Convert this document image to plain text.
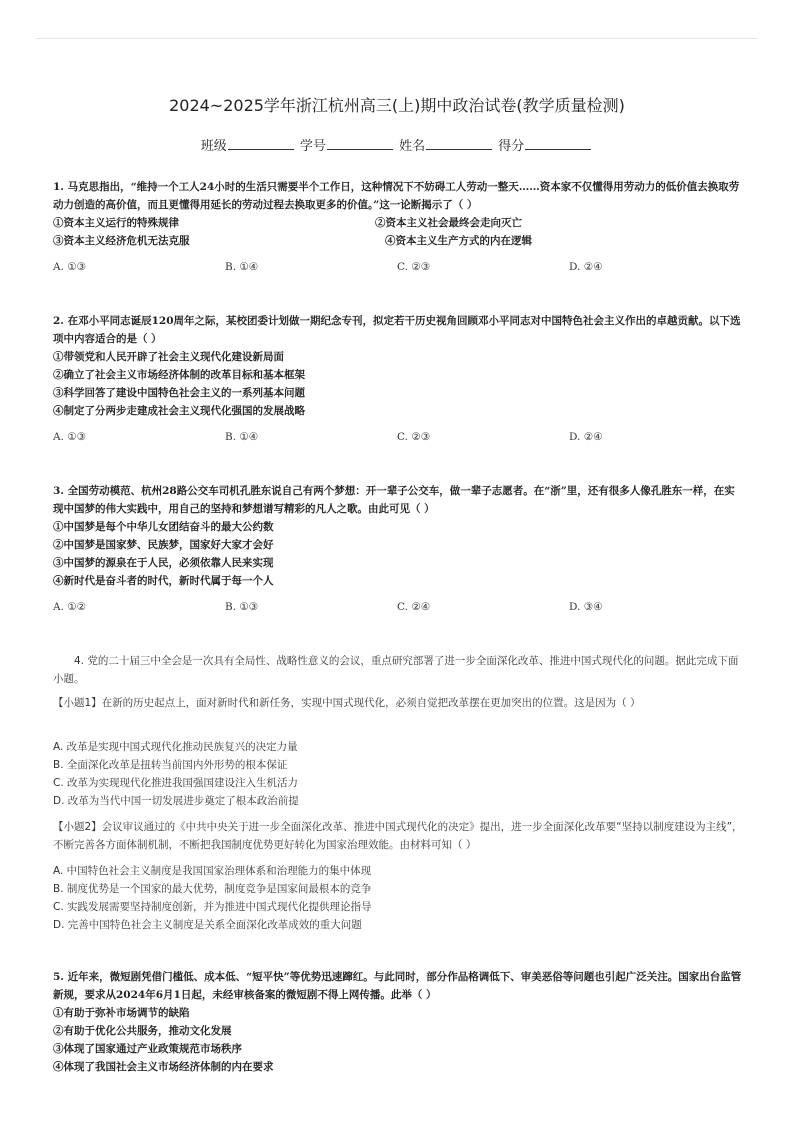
2024~2025学年浙江杭州高三(上)期中政治试卷(教学质量检测)
班级	学号	姓名	得分
1. 马克思指出，“维持一个工人24小时的生活只需要半个工作日，这种情况下不妨碍工人劳动一整天……资本家不仅懂得用劳动力的低价值去换取劳动力创造的高价值，而且更懂得用延长的劳动过程去换取更多的价值。”这一论断揭示了（ ）
①资本主义运行的特殊规律	②资本主义社会最终会走向灭亡
③资本主义经济危机无法克服	④资本主义生产方式的内在逻辑
A. ①③	B. ①④	C. ②③	D. ②④
2. 在邓小平同志诞辰120周年之际，某校团委计划做一期纪念专刊，拟定若干历史视角回顾邓小平同志对中国特色社会主义作出的卓越贡献。以下选项中内容适合的是（ ）
①带领党和人民开辟了社会主义现代化建设新局面
②确立了社会主义市场经济体制的改革目标和基本框架
③科学回答了建设中国特色社会主义的一系列基本问题
④制定了分两步走建成社会主义现代化强国的发展战略
A. ①③	B. ①④	C. ②③	D. ②④
3. 全国劳动模范、杭州28路公交车司机孔胜东说自己有两个梦想：开一辈子公交车，做一辈子志愿者。在“浙”里，还有很多人像孔胜东一样，在实现中国梦的伟大实践中，用自己的坚持和梦想谱写精彩的凡人之歌。由此可见（ ）
①中国梦是每个中华儿女团结奋斗的最大公约数
②中国梦是国家梦、民族梦，国家好大家才会好
③中国梦的源泉在于人民，必须依靠人民来实现
④新时代是奋斗者的时代，新时代属于每一个人
A. ①②	B. ①③	C. ②④	D. ③④
4. 党的二十届三中全会是一次具有全局性、战略性意义的会议，重点研究部署了进一步全面深化改革、推进中国式现代化的问题。据此完成下面小题。
【小题1】在新的历史起点上，面对新时代和新任务，实现中国式现代化，必须自觉把改革摆在更加突出的位置。这是因为（ ）
A. 改革是实现中国式现代化推动民族复兴的决定力量
B. 全面深化改革是扭转当前国内外形势的根本保证
C. 改革为实现现代化推进我国强国建设注入生机活力
D. 改革为当代中国一切发展进步奠定了根本政治前提
【小题2】会议审议通过的《中共中央关于进一步全面深化改革、推进中国式现代化的决定》提出，进一步全面深化改革要“坚持以制度建设为主线”，不断完善各方面体制机制，不断把我国制度优势更好转化为国家治理效能。由材料可知（ ）
A. 中国特色社会主义制度是我国国家治理体系和治理能力的集中体现
B. 制度优势是一个国家的最大优势，制度竞争是国家间最根本的竞争
C. 实践发展需要坚持制度创新，并为推进中国式现代化提供理论指导
D. 完善中国特色社会主义制度是关系全面深化改革成效的重大问题
5. 近年来，微短剧凭借门槛低、成本低、“短平快”等优势迅速蹿红。与此同时，部分作品格调低下、审美恶俗等问题也引起广泛关注。国家出台监管新规，要求从2024年6月1日起，未经审核备案的微短剧不得上网传播。此举（ ）
①有助于弥补市场调节的缺陷
②有助于优化公共服务，推动文化发展
③体现了国家通过产业政策规范市场秩序
④体现了我国社会主义市场经济体制的内在要求
